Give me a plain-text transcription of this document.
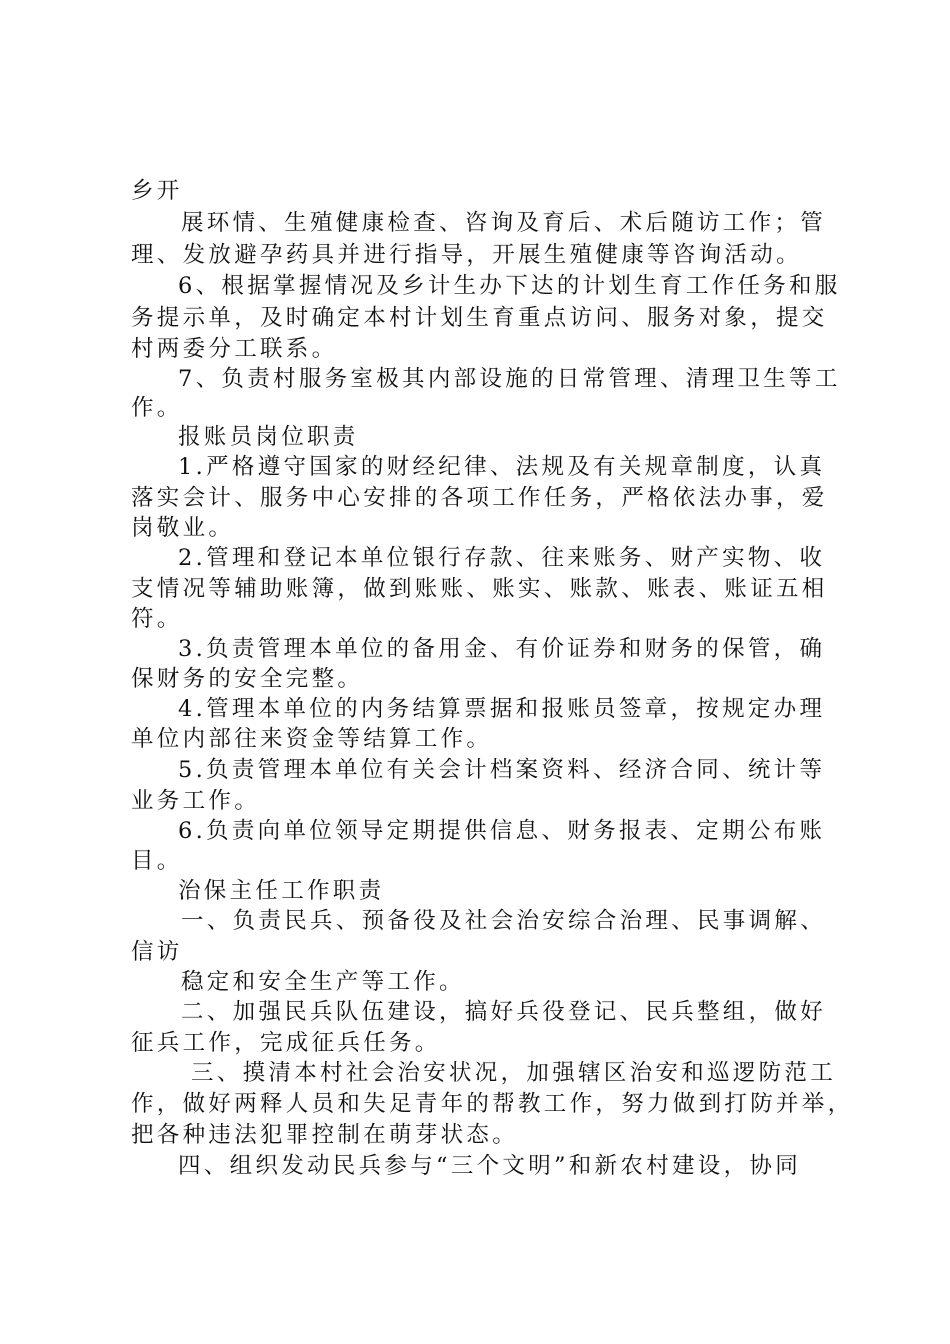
乡开
展环情、生殖健康检查、咨询及育后、术后随访工作；管
理、发放避孕药具并进行指导，开展生殖健康等咨询活动。
6、根据掌握情况及乡计生办下达的计划生育工作任务和服
务提示单，及时确定本村计划生育重点访问、服务对象，提交
村两委分工联系。
7、负责村服务室极其内部设施的日常管理、清理卫生等工
作。
报账员岗位职责
1.严格遵守国家的财经纪律、法规及有关规章制度，认真
落实会计、服务中心安排的各项工作任务，严格依法办事，爱
岗敬业。
2.管理和登记本单位银行存款、往来账务、财产实物、收
支情况等辅助账簿，做到账账、账实、账款、账表、账证五相
符。
3.负责管理本单位的备用金、有价证券和财务的保管，确
保财务的安全完整。
4.管理本单位的内务结算票据和报账员签章，按规定办理
单位内部往来资金等结算工作。
5.负责管理本单位有关会计档案资料、经济合同、统计等
业务工作。
6.负责向单位领导定期提供信息、财务报表、定期公布账
目。
治保主任工作职责
一、负责民兵、预备役及社会治安综合治理、民事调解、
信访
稳定和安全生产等工作。
二、加强民兵队伍建设，搞好兵役登记、民兵整组，做好
征兵工作，完成征兵任务。
三、摸清本村社会治安状况，加强辖区治安和巡逻防范工
作，做好两释人员和失足青年的帮教工作，努力做到打防并举，
把各种违法犯罪控制在萌芽状态。
四、组织发动民兵参与“三个文明”和新农村建设，协同
